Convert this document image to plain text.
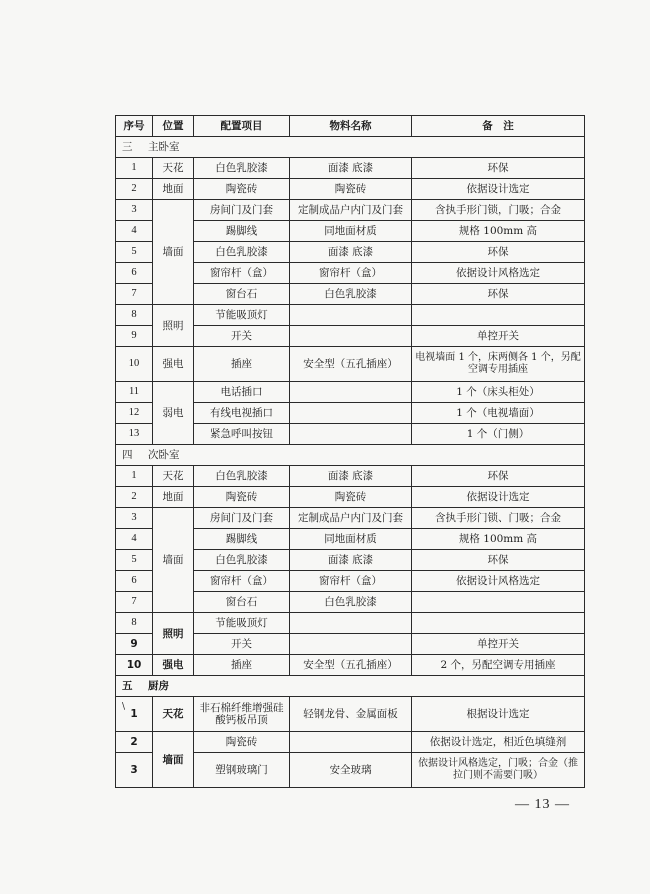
序号	位置	配置项目	物料名称	备　注
三 主卧室				
1	天花	白色乳胶漆	面漆 底漆	环保
2	地面	陶瓷砖	陶瓷砖	依据设计选定
3	墙面	房间门及门套	定制成品户内门及门套	含执手形门锁，门吸；合金
4		踢脚线	同地面材质	规格 100mm 高
5		白色乳胶漆	面漆 底漆	环保
6		窗帘杆（盒）	窗帘杆（盒）	依据设计风格选定
7		窗台石	白色乳胶漆	环保
8	照明	节能吸顶灯		
9		开关		单控开关
10	强电	插座	安全型（五孔插座）	电视墙面 1 个，床两侧各 1 个，另配空调专用插座
11	弱电	电话插口		1 个（床头柜处）
12		有线电视插口		1 个（电视墙面）
13		紧急呼叫按钮		1 个（门侧）
四 次卧室				
1	天花	白色乳胶漆	面漆 底漆	环保
2	地面	陶瓷砖	陶瓷砖	依据设计选定
3	墙面	房间门及门套	定制成品户内门及门套	含执手形门锁、门吸；合金
4		踢脚线	同地面材质	规格 100mm 高
5		白色乳胶漆	面漆 底漆	环保
6		窗帘杆（盒）	窗帘杆（盒）	依据设计风格选定
7		窗台石	白色乳胶漆	
8	照明	节能吸顶灯		
9		开关		单控开关
10	强电	插座	安全型（五孔插座）	2 个，另配空调专用插座
五 厨房				
1	天花	非石棉纤维增强硅酸钙板吊顶	轻钢龙骨、金属面板	根据设计选定
2	墙面	陶瓷砖		依据设计选定，相近色填缝剂
3		塑钢玻璃门	安全玻璃	依据设计风格选定，门吸；合金（推拉门则不需要门吸）
\
— 13 —
